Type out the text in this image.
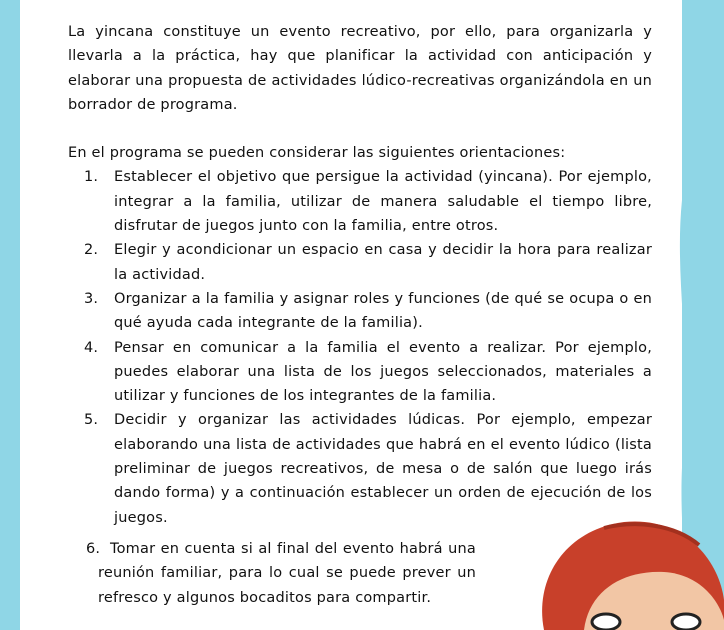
La yincana constituye un evento recreativo, por ello, para organizarla y llevarla a la práctica, hay que planificar la actividad con anticipación y elaborar una propuesta de actividades lúdico-recreativas organizándola en un borrador de programa.

En el programa se pueden considerar las siguientes orientaciones:

1. Establecer el objetivo que persigue la actividad (yincana). Por ejemplo, integrar a la familia, utilizar de manera saludable el tiempo libre, disfrutar de juegos junto con la familia, entre otros.
2. Elegir y acondicionar un espacio en casa y decidir la hora para realizar la actividad.
3. Organizar a la familia y asignar roles y funciones (de qué se ocupa o en qué ayuda cada integrante de la familia).
4. Pensar en comunicar a la familia el evento a realizar. Por ejemplo, puedes elaborar una lista de los juegos seleccionados, materiales a utilizar y funciones de los integrantes de la familia.
5. Decidir y organizar las actividades lúdicas. Por ejemplo, empezar elaborando una lista de actividades que habrá en el evento lúdico (lista preliminar de juegos recreativos, de mesa o de salón que luego irás dando forma) y a continuación establecer un orden de ejecución de los juegos.
6. Tomar en cuenta si al final del evento habrá una reunión familiar, para lo cual se puede prever un refresco y algunos bocaditos para compartir.
